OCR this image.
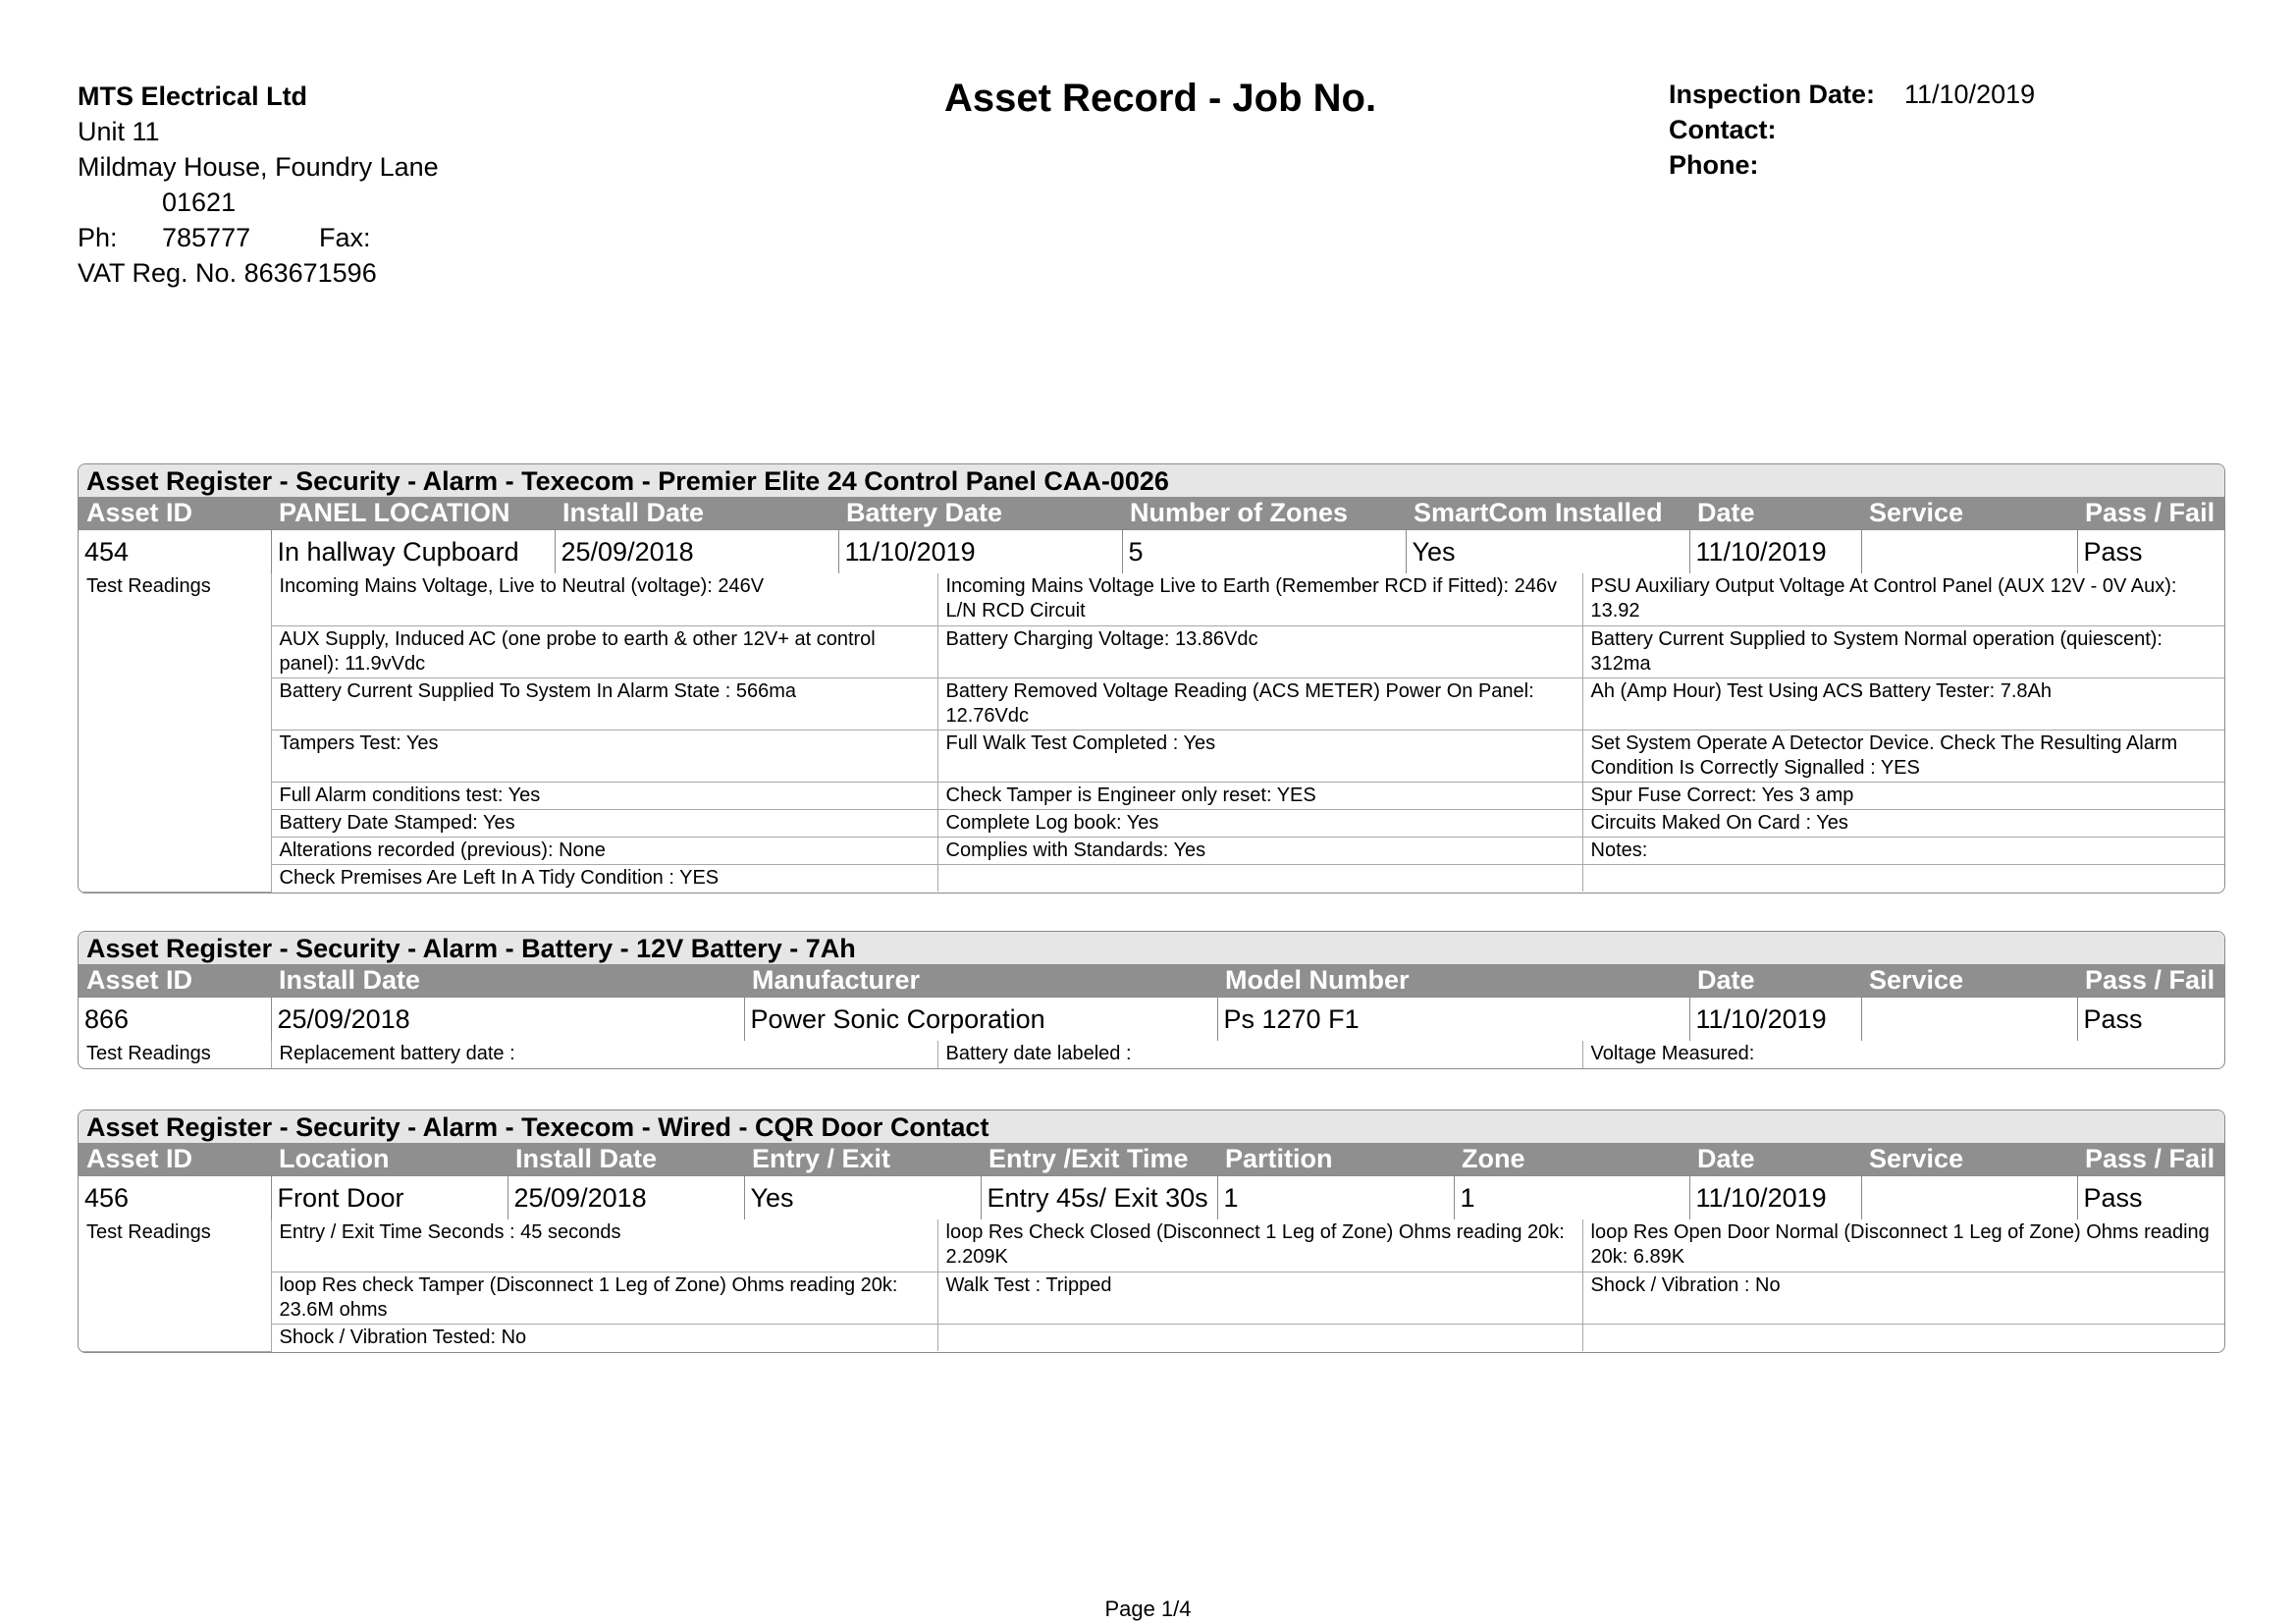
MTS Electrical Ltd
Unit 11
Mildmay House, Foundry Lane
Ph:01621 785777	Fax:
VAT Reg. No. 863671596
Asset Record - Job No.	Inspection Date: 11/10/2019
Contact:
Phone:
Asset Register - Security - Alarm - Texecom - Premier Elite 24 Control Panel CAA-0026
Asset ID	PANEL LOCATION	Install Date	Battery Date	Number of Zones	SmartCom Installed	Date	Service	Pass / Fail
454	In hallway Cupboard	25/09/2018	11/10/2019	5	Yes	11/10/2019		Pass
Test Readings	Incoming Mains Voltage, Live to Neutral (voltage): 246V	Incoming Mains Voltage Live to Earth (Remember RCD if Fitted): 246v L/N RCD Circuit	PSU Auxiliary Output Voltage At Control Panel (AUX 12V - 0V Aux): 13.92
	AUX Supply, Induced AC (one probe to earth & other 12V+ at control panel): 11.9vVdc	Battery Charging Voltage: 13.86Vdc	Battery Current Supplied to System Normal operation (quiescent): 312ma
	Battery Current Supplied To System In Alarm State : 566ma	Battery Removed Voltage Reading (ACS METER) Power On Panel: 12.76Vdc	Ah (Amp Hour) Test Using ACS Battery Tester: 7.8Ah
	Tampers Test: Yes	Full Walk Test Completed : Yes	Set System Operate A Detector Device. Check The Resulting Alarm Condition Is Correctly Signalled : YES
	Full Alarm conditions test: Yes	Check Tamper is Engineer only reset: YES	Spur Fuse Correct: Yes 3 amp
	Battery Date Stamped: Yes	Complete Log book: Yes	Circuits Maked On Card : Yes
	Alterations recorded (previous): None	Complies with Standards: Yes	Notes:
	Check Premises Are Left In A Tidy Condition : YES		
Asset Register - Security - Alarm - Battery - 12V Battery - 7Ah
Asset ID	Install Date	Manufacturer	Model Number	Date	Service	Pass / Fail
866	25/09/2018	Power Sonic Corporation	Ps 1270 F1	11/10/2019		Pass
Test Readings	Replacement battery date :	Battery date labeled :	Voltage Measured:
Asset Register - Security - Alarm - Texecom - Wired - CQR Door Contact
Asset ID	Location	Install Date	Entry / Exit	Entry /Exit Time	Partition	Zone	Date	Service	Pass / Fail
456	Front Door	25/09/2018	Yes	Entry 45s/ Exit 30s	1	1	11/10/2019		Pass
Test Readings	Entry / Exit Time Seconds : 45 seconds	loop Res Check Closed (Disconnect 1 Leg of Zone) Ohms reading 20k: 2.209K	loop Res Open Door Normal (Disconnect 1 Leg of Zone) Ohms reading 20k: 6.89K
	loop Res check Tamper (Disconnect 1 Leg of Zone) Ohms reading 20k: 23.6M ohms	Walk Test : Tripped	Shock / Vibration : No
	Shock / Vibration Tested: No		
Page 1/4
